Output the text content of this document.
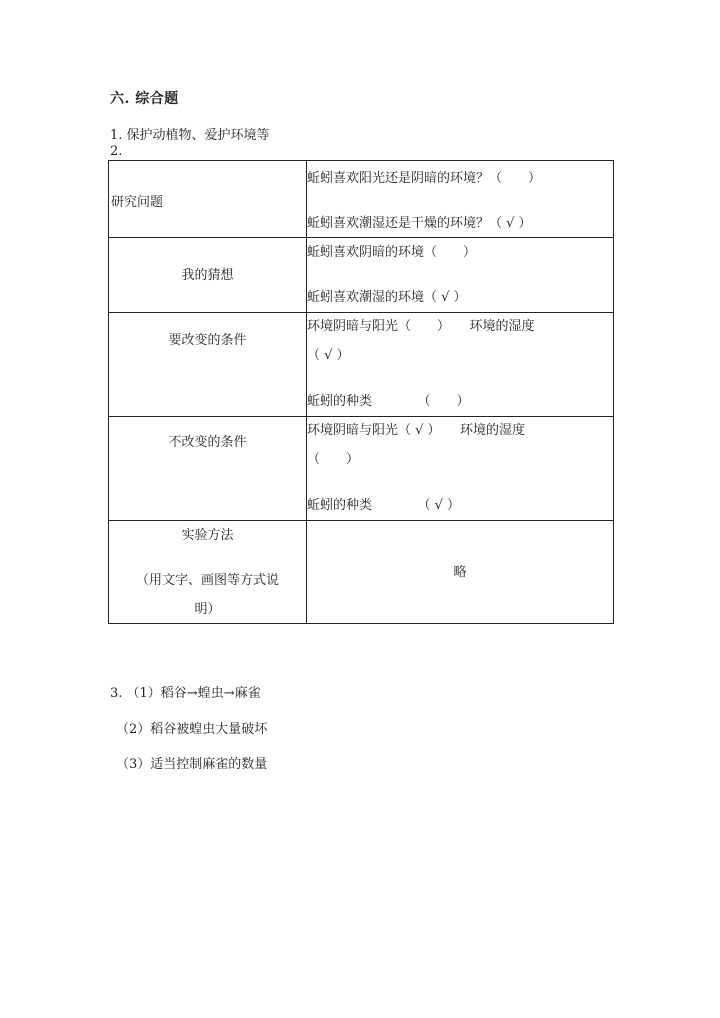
六. 综合题
1. 保护动植物、爱护环境等
2.
研究问题	蚯蚓喜欢阳光还是阴暗的环境？（　　）
蚯蚓喜欢潮湿还是干燥的环境？（ √ ）

我的猜想	蚯蚓喜欢阴暗的环境（　　）
蚯蚓喜欢潮湿的环境（ √ ）

要改变的条件	环境阴暗与阳光（　　）　　环境的湿度
（ √ ）
蚯蚓的种类　　　　（　　）

不改变的条件	环境阴暗与阳光（ √ ）　　环境的湿度
（　　）
蚯蚓的种类　　　　（ √ ）

实验方法
（用文字、画图等方式说
明）	略
3. （1）稻谷→蝗虫→麻雀
（2）稻谷被蝗虫大量破坏
（3）适当控制麻雀的数量
